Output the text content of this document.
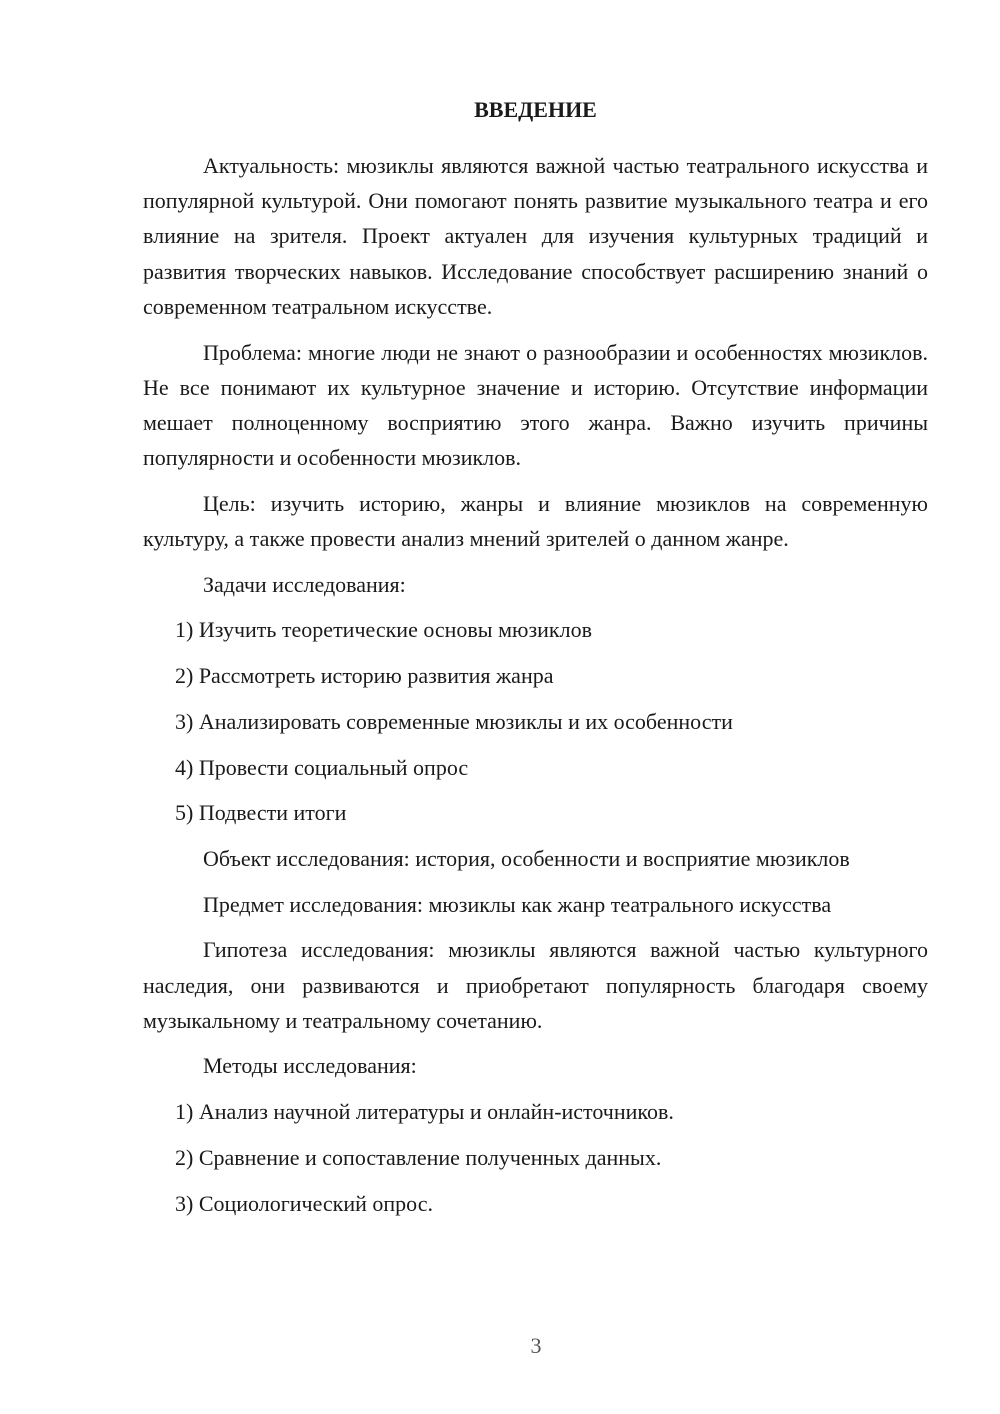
ВВЕДЕНИЕ

Актуальность: мюзиклы являются важной частью театрального искусства и популярной культурой. Они помогают понять развитие музыкального театра и его влияние на зрителя. Проект актуален для изучения культурных традиций и развития творческих навыков. Исследование способствует расширению знаний о современном театральном искусстве.

Проблема: многие люди не знают о разнообразии и особенностях мюзиклов. Не все понимают их культурное значение и историю. Отсутствие информации мешает полноценному восприятию этого жанра. Важно изучить причины популярности и особенности мюзиклов.

Цель: изучить историю, жанры и влияние мюзиклов на современную культуру, а также провести анализ мнений зрителей о данном жанре.

Задачи исследования:

1) Изучить теоретические основы мюзиклов
2) Рассмотреть историю развития жанра
3) Анализировать современные мюзиклы и их особенности
4) Провести социальный опрос
5) Подвести итоги

Объект исследования: история, особенности и восприятие мюзиклов

Предмет исследования: мюзиклы как жанр театрального искусства

Гипотеза исследования: мюзиклы являются важной частью культурного наследия, они развиваются и приобретают популярность благодаря своему музыкальному и театральному сочетанию.

Методы исследования:

1) Анализ научной литературы и онлайн-источников.
2) Сравнение и сопоставление полученных данных.
3) Социологический опрос.
3
